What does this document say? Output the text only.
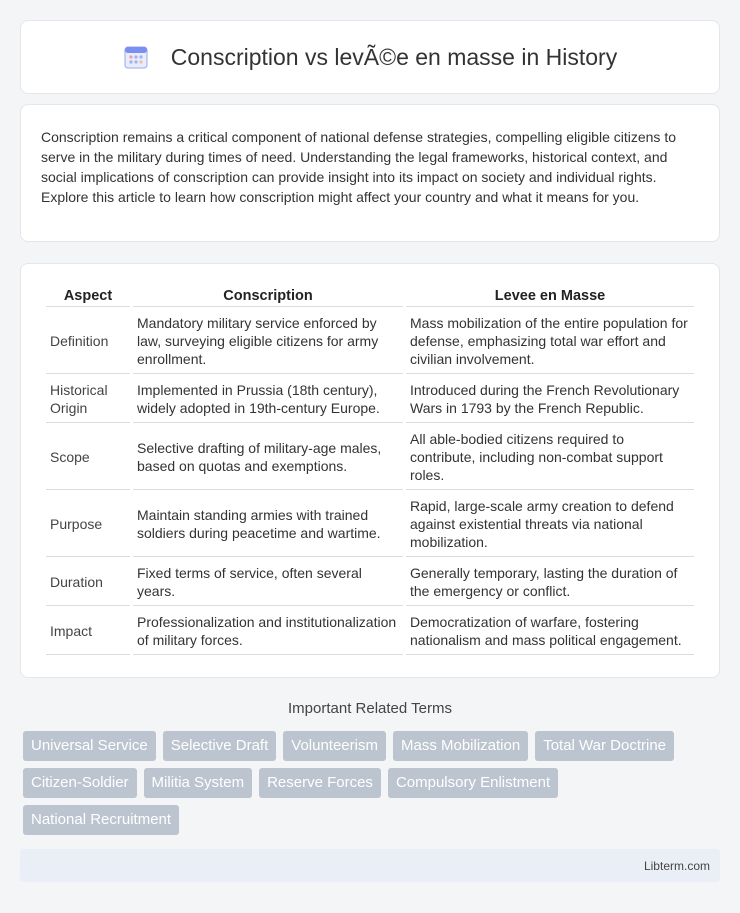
Conscription vs levÃ©e en masse in History

Conscription remains a critical component of national defense strategies, compelling eligible citizens to serve in the military during times of need. Understanding the legal frameworks, historical context, and social implications of conscription can provide insight into its impact on society and individual rights. Explore this article to learn how conscription might affect your country and what it means for you.

Aspect	Conscription	Levee en Masse
Definition	Mandatory military service enforced by law, surveying eligible citizens for army enrollment.	Mass mobilization of the entire population for defense, emphasizing total war effort and civilian involvement.
Historical Origin	Implemented in Prussia (18th century), widely adopted in 19th-century Europe.	Introduced during the French Revolutionary Wars in 1793 by the French Republic.
Scope	Selective drafting of military-age males, based on quotas and exemptions.	All able-bodied citizens required to contribute, including non-combat support roles.
Purpose	Maintain standing armies with trained soldiers during peacetime and wartime.	Rapid, large-scale army creation to defend against existential threats via national mobilization.
Duration	Fixed terms of service, often several years.	Generally temporary, lasting the duration of the emergency or conflict.
Impact	Professionalization and institutionalization of military forces.	Democratization of warfare, fostering nationalism and mass political engagement.
Important Related Terms
Universal Service	Selective Draft	Volunteerism	Mass Mobilization	Total War Doctrine
Citizen-Soldier	Militia System	Reserve Forces	Compulsory Enlistment
National Recruitment
Libterm.com
